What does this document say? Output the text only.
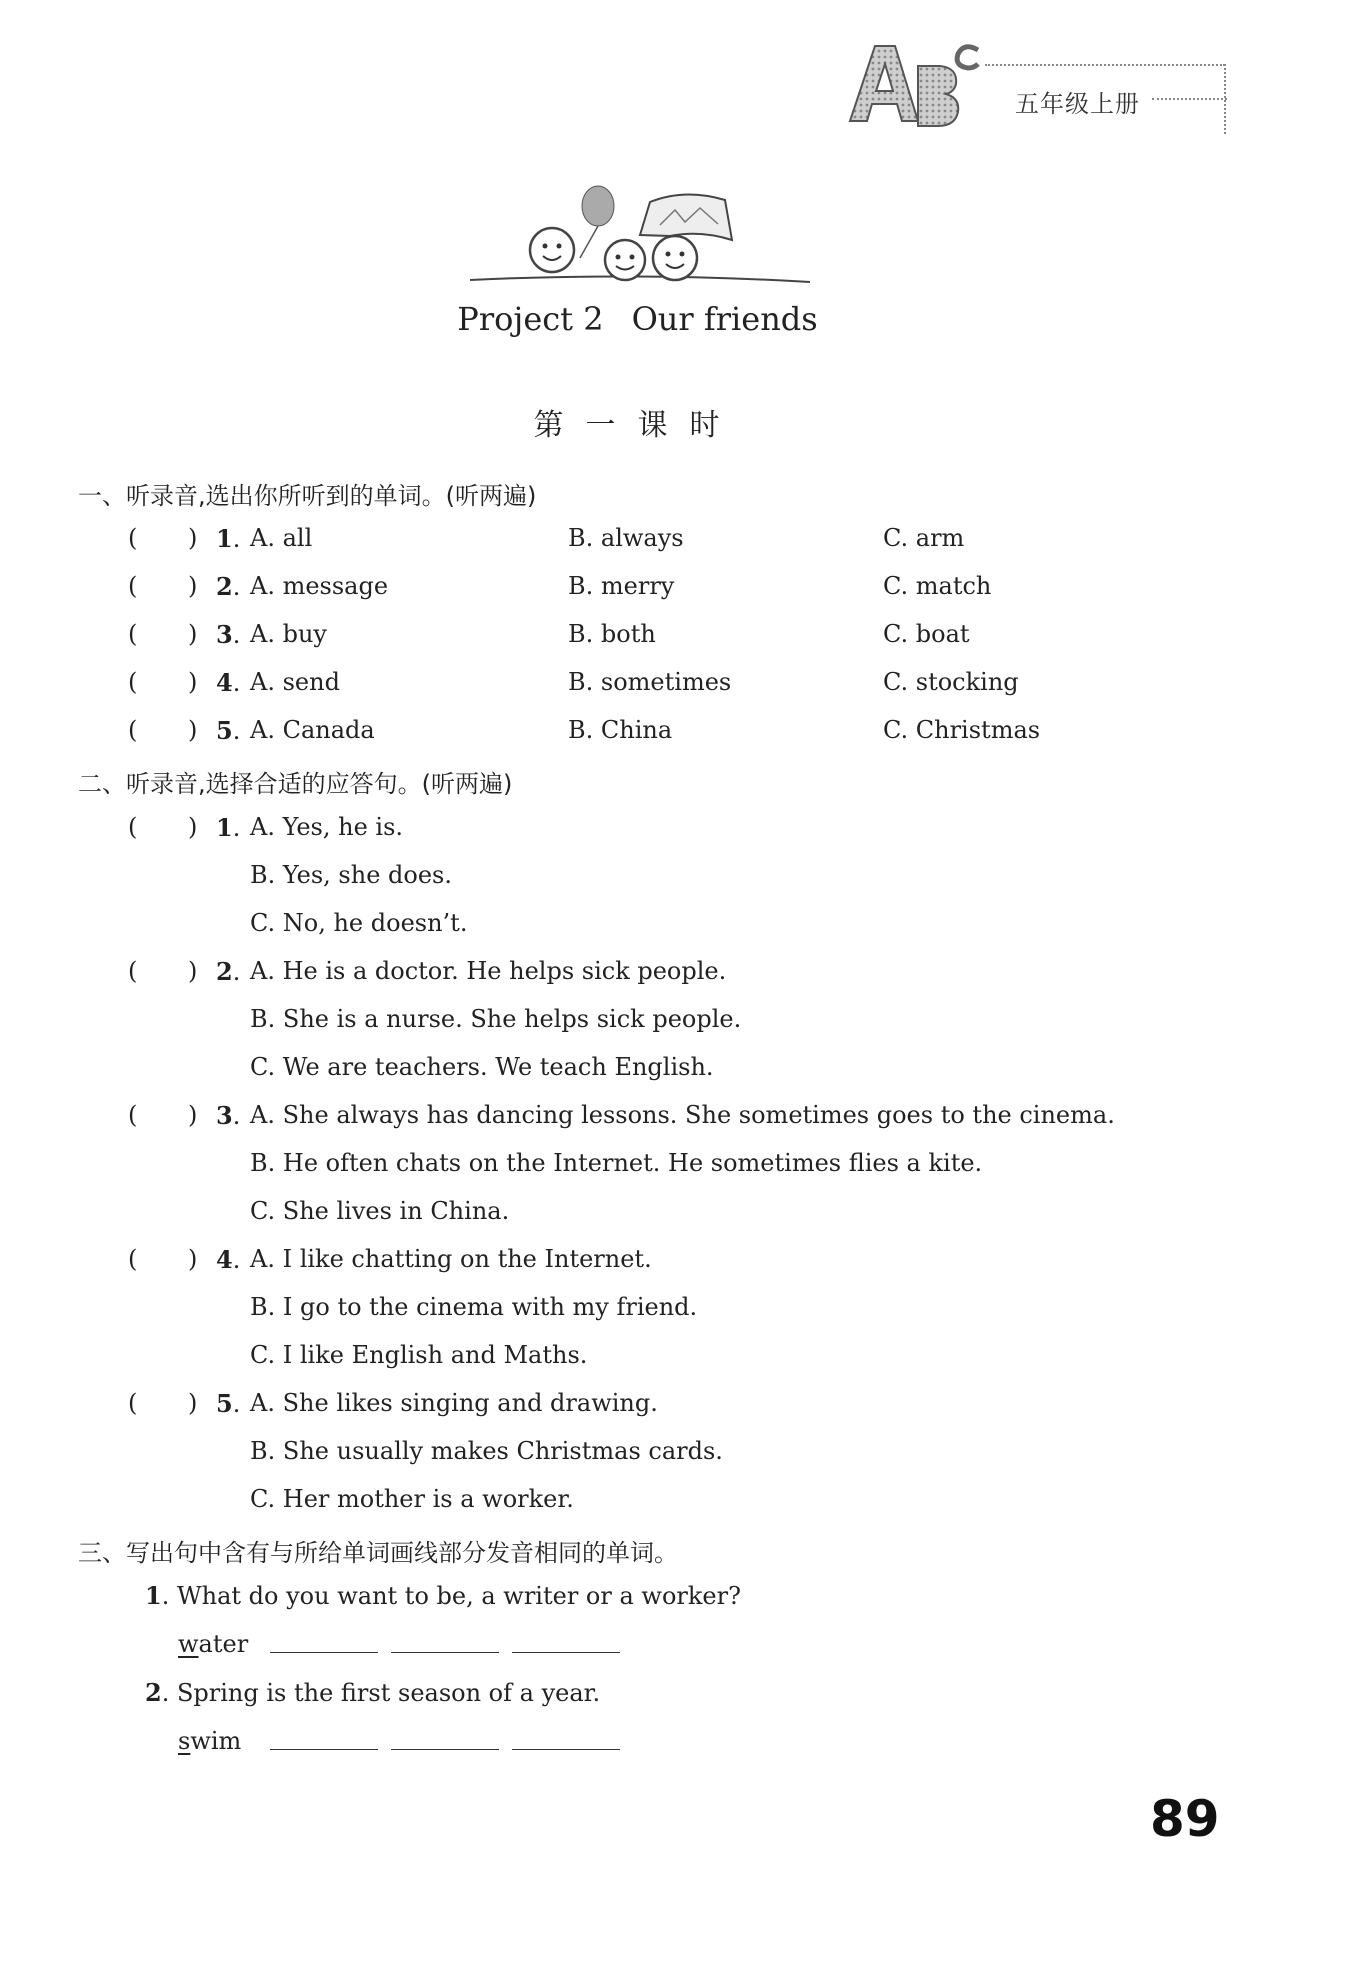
五年级上册
Project 2 Our friends
第一课时
一、听录音,选出你所听到的单词。(听两遍)
( ) 1 . A. all	B. always	C. arm
( ) 2 . A. message	B. merry	C. match
( ) 3 . A. buy	B. both	C. boat
( ) 4 . A. send	B. sometimes	C. stocking
( ) 5 . A. Canada	B. China	C. Christmas
二、听录音,选择合适的应答句。(听两遍)
( ) 1 . A. Yes, he is.
B. Yes, she does.
C. No, he doesn’t.
( ) 2 . A. He is a doctor. He helps sick people.
B. She is a nurse. She helps sick people.
C. We are teachers. We teach English.
( ) 3 . A. She always has dancing lessons. She sometimes goes to the cinema.
B. He often chats on the Internet. He sometimes flies a kite.
C. She lives in China.
( ) 4 . A. I like chatting on the Internet.
B. I go to the cinema with my friend.
C. I like English and Maths.
( ) 5 . A. She likes singing and drawing.
B. She usually makes Christmas cards.
C. Her mother is a worker.
三、写出句中含有与所给单词画线部分发音相同的单词。
1. What do you want to be, a writer or a worker?
water
2. Spring is the first season of a year.
swim
89
